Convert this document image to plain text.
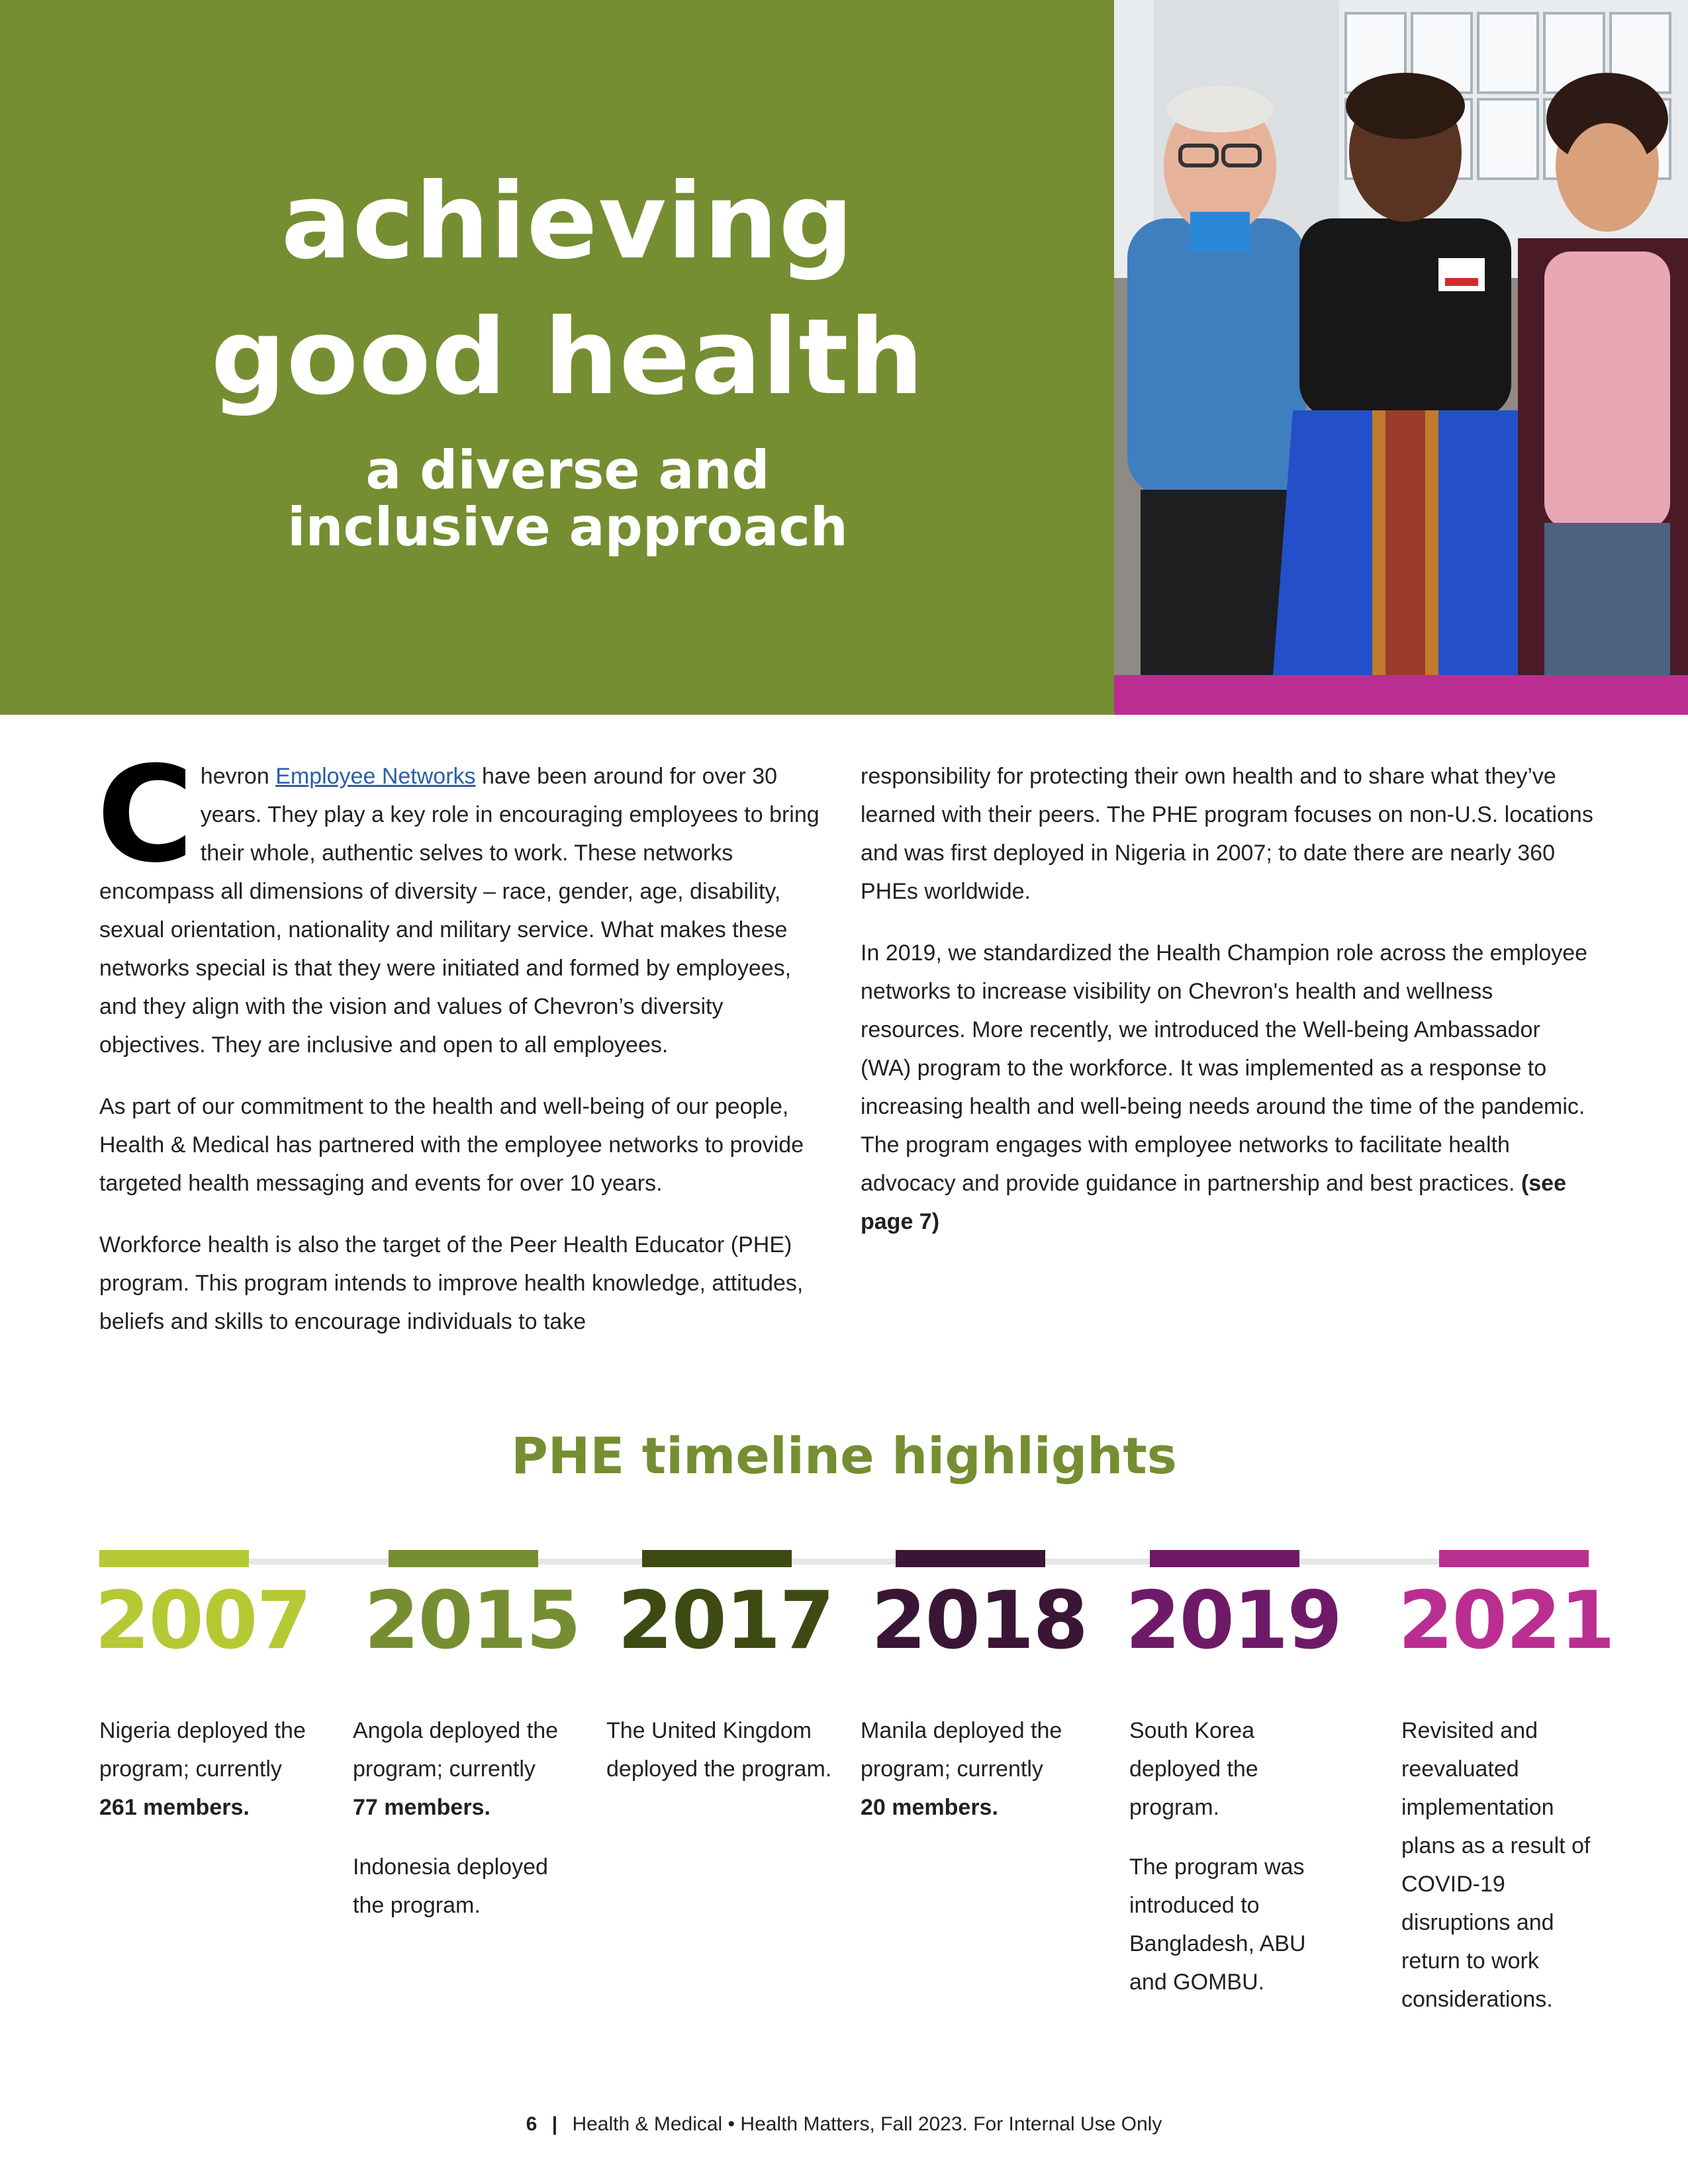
achieving
good health
a diverse and
inclusive approach

Chevron Employee Networks have been around for over 30 years. They play a key role in encouraging employees to bring their whole, authentic selves to work. These networks encompass all dimensions of diversity – race, gender, age, disability, sexual orientation, nationality and military service. What makes these networks special is that they were initiated and formed by employees, and they align with the vision and values of Chevron’s diversity objectives. They are inclusive and open to all employees.

As part of our commitment to the health and well-being of our people, Health & Medical has partnered with the employee networks to provide targeted health messaging and events for over 10 years.

Workforce health is also the target of the Peer Health Educator (PHE) program. This program intends to improve health knowledge, attitudes, beliefs and skills to encourage individuals to take

responsibility for protecting their own health and to share what they’ve learned with their peers. The PHE program focuses on non-U.S. locations and was first deployed in Nigeria in 2007; to date there are nearly 360 PHEs worldwide.

In 2019, we standardized the Health Champion role across the employee networks to increase visibility on Chevron's health and wellness resources. More recently, we introduced the Well-being Ambassador (WA) program to the workforce. It was implemented as a response to increasing health and well-being needs around the time of the pandemic. The program engages with employee networks to facilitate health advocacy and provide guidance in partnership and best practices. (see page 7)

PHE timeline highlights
2007 2015 2017 2018 2019 2021

Nigeria deployed the program; currently
261 members.

Angola deployed the program; currently
77 members.

Indonesia deployed the program.

The United Kingdom deployed the program.

Manila deployed the program; currently
20 members.

South Korea deployed the program.

The program was introduced to Bangladesh, ABU and GOMBU.

Revisited and reevaluated implementation plans as a result of COVID-19 disruptions and return to work considerations.

6 | Health & Medical • Health Matters, Fall 2023. For Internal Use Only
